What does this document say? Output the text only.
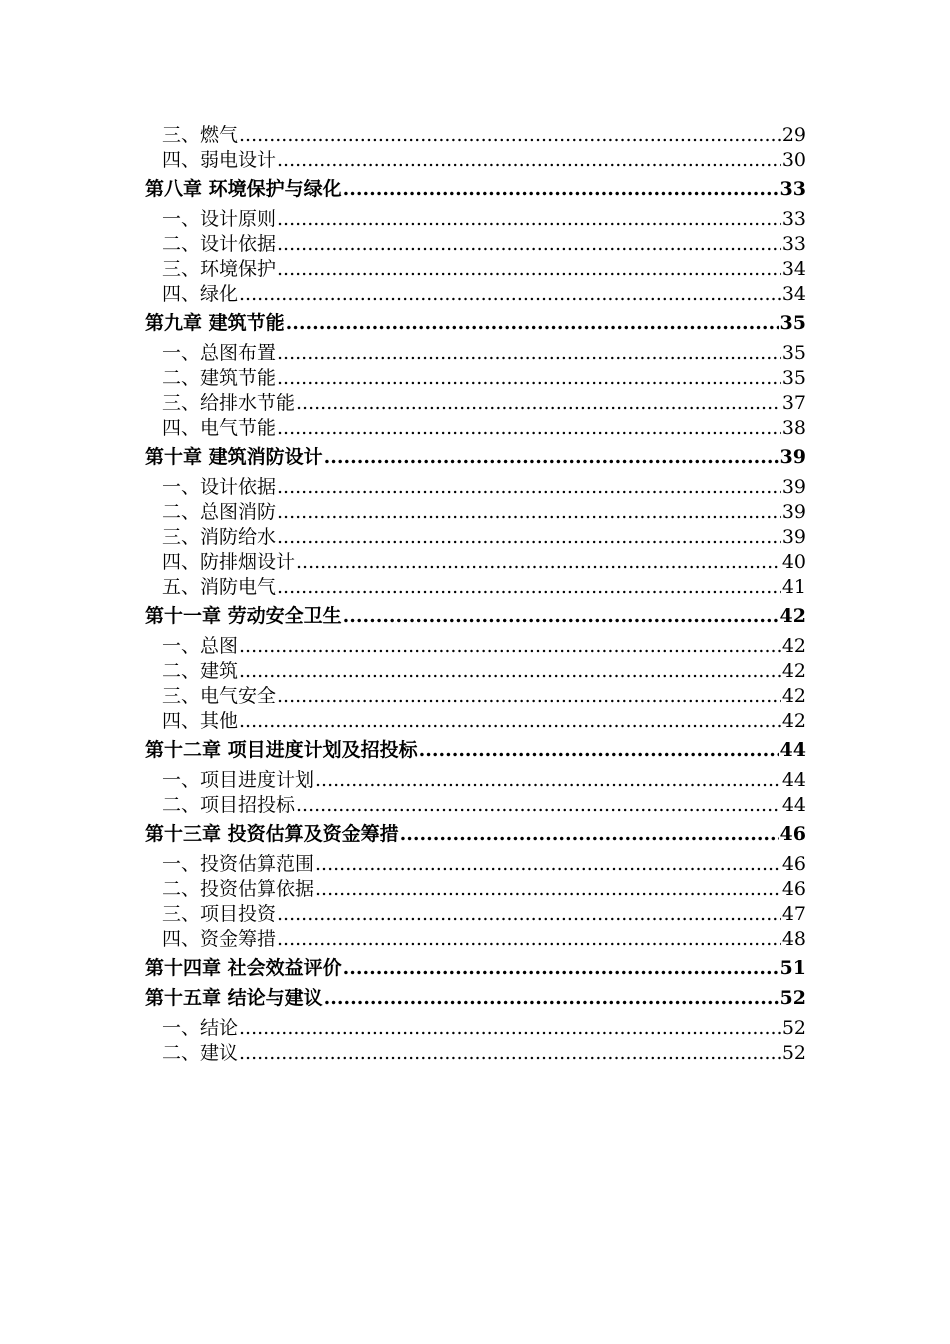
三、燃气 .....	29
四、弱电设计 .....	30
第八章 环境保护与绿化 .....	33
一、设计原则 .....	33
二、设计依据 .....	33
三、环境保护 .....	34
四、绿化 .....	34
第九章 建筑节能 .....	35
一、总图布置 .....	35
二、建筑节能 .....	35
三、给排水节能 .....	37
四、电气节能 .....	38
第十章 建筑消防设计 .....	39
一、设计依据 .....	39
二、总图消防 .....	39
三、消防给水 .....	39
四、防排烟设计 .....	40
五、消防电气 .....	41
第十一章 劳动安全卫生 .....	42
一、总图 .....	42
二、建筑 .....	42
三、电气安全 .....	42
四、其他 .....	42
第十二章 项目进度计划及招投标 .....	44
一、项目进度计划 .....	44
二、项目招投标 .....	44
第十三章 投资估算及资金筹措 .....	46
一、投资估算范围 .....	46
二、投资估算依据 .....	46
三、项目投资 .....	47
四、资金筹措 .....	48
第十四章 社会效益评价 .....	51
第十五章 结论与建议 .....	52
一、结论 .....	52
二、建议 .....	52
